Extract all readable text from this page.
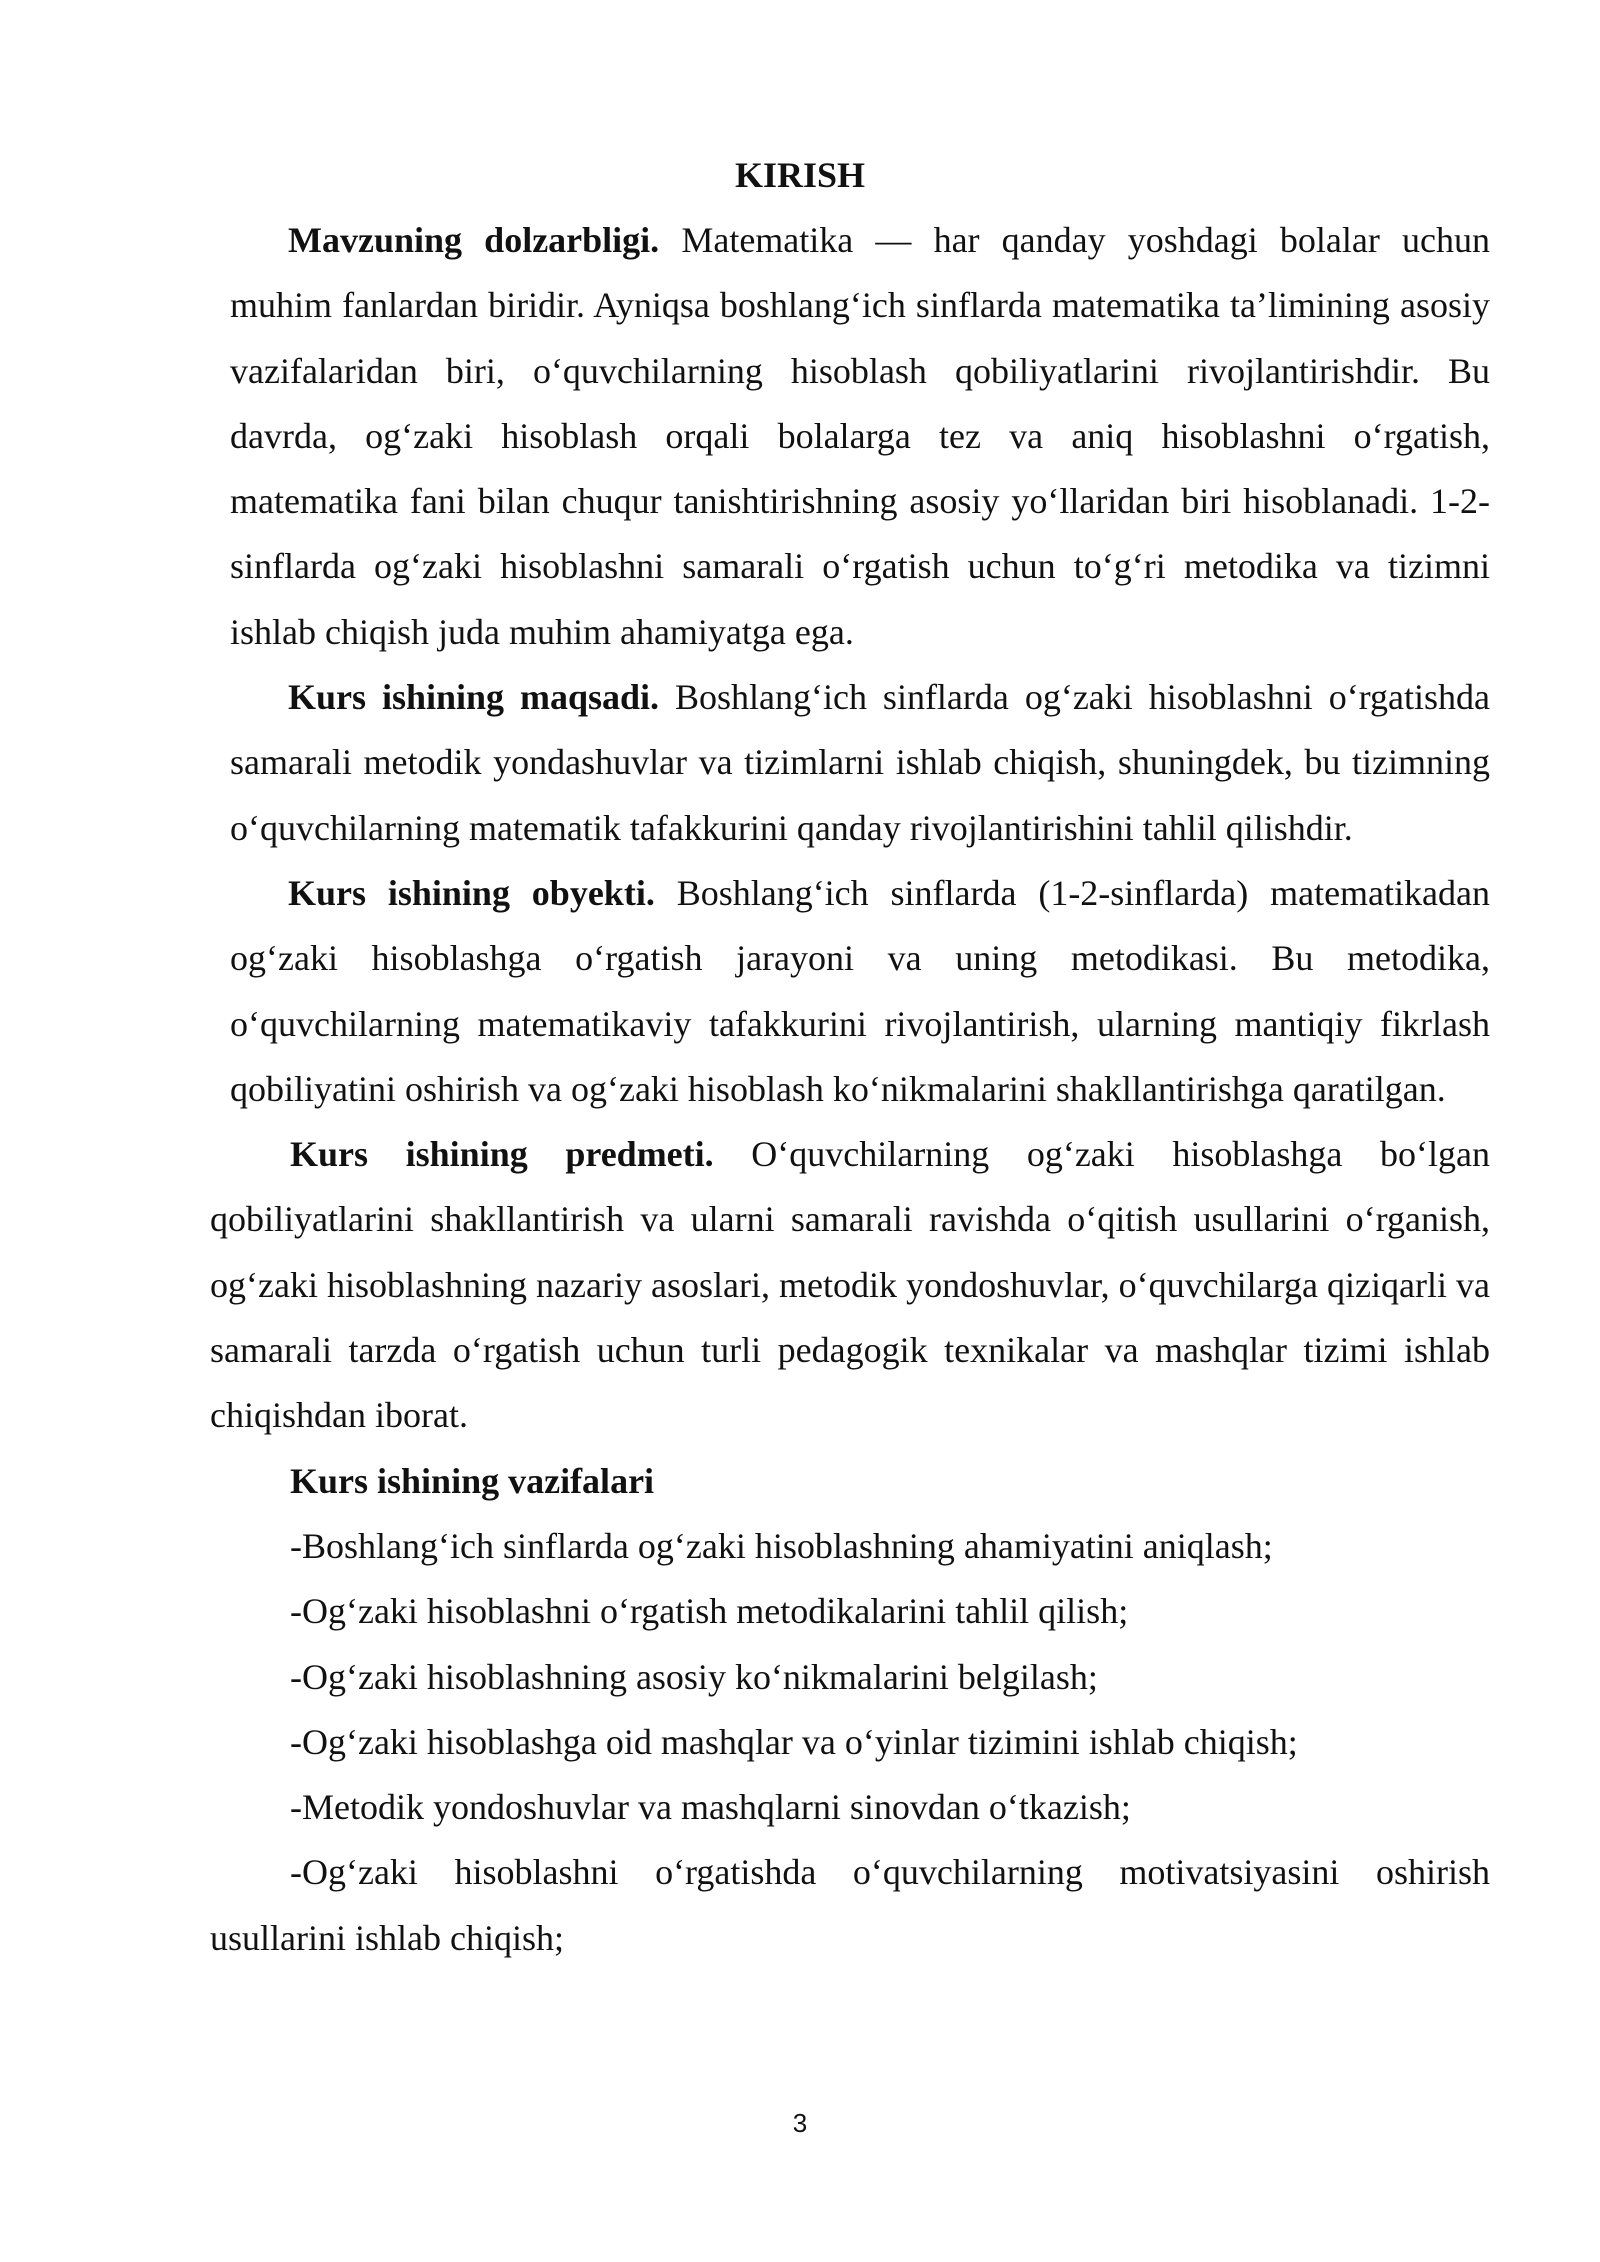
KIRISH

Mavzuning dolzarbligi. Matematika — har qanday yoshdagi bolalar uchun muhim fanlardan biridir. Ayniqsa boshlang‘ich sinflarda matematika ta’limining asosiy vazifalaridan biri, o‘quvchilarning hisoblash qobiliyatlarini rivojlantirishdir. Bu davrda, og‘zaki hisoblash orqali bolalarga tez va aniq hisoblashni o‘rgatish, matematika fani bilan chuqur tanishtirishning asosiy yo‘llaridan biri hisoblanadi. 1-2-sinflarda og‘zaki hisoblashni samarali o‘rgatish uchun to‘g‘ri metodika va tizimni ishlab chiqish juda muhim ahamiyatga ega.

Kurs ishining maqsadi. Boshlang‘ich sinflarda og‘zaki hisoblashni o‘rgatishda samarali metodik yondashuvlar va tizimlarni ishlab chiqish, shuningdek, bu tizimning o‘quvchilarning matematik tafakkurini qanday rivojlantirishini tahlil qilishdir.

Kurs ishining obyekti. Boshlang‘ich sinflarda (1-2-sinflarda) matematikadan og‘zaki hisoblashga o‘rgatish jarayoni va uning metodikasi. Bu metodika, o‘quvchilarning matematikaviy tafakkurini rivojlantirish, ularning mantiqiy fikrlash qobiliyatini oshirish va og‘zaki hisoblash ko‘nikmalarini shakllantirishga qaratilgan.

Kurs ishining predmeti. O‘quvchilarning og‘zaki hisoblashga bo‘lgan qobiliyatlarini shakllantirish va ularni samarali ravishda o‘qitish usullarini o‘rganish, og‘zaki hisoblashning nazariy asoslari, metodik yondoshuvlar, o‘quvchilarga qiziqarli va samarali tarzda o‘rgatish uchun turli pedagogik texnikalar va mashqlar tizimi ishlab chiqishdan iborat.

Kurs ishining vazifalari

-Boshlang‘ich sinflarda og‘zaki hisoblashning ahamiyatini aniqlash;

-Og‘zaki hisoblashni o‘rgatish metodikalarini tahlil qilish;

-Og‘zaki hisoblashning asosiy ko‘nikmalarini belgilash;

-Og‘zaki hisoblashga oid mashqlar va o‘yinlar tizimini ishlab chiqish;

-Metodik yondoshuvlar va mashqlarni sinovdan o‘tkazish;

-Og‘zaki hisoblashni o‘rgatishda o‘quvchilarning motivatsiyasini oshirish usullarini ishlab chiqish;

3
